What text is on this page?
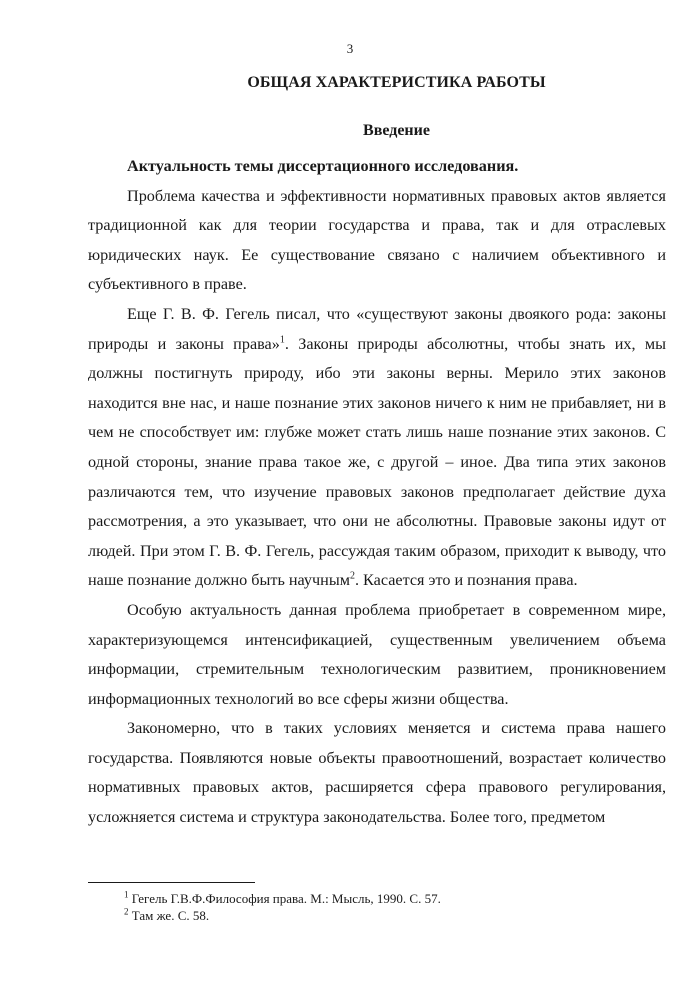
3
ОБЩАЯ ХАРАКТЕРИСТИКА РАБОТЫ
Введение

Актуальность темы диссертационного исследования.

Проблема качества и эффективности нормативных правовых актов является традиционной как для теории государства и права, так и для отраслевых юридических наук. Ее существование связано с наличием объективного и субъективного в праве.

Еще Г. В. Ф. Гегель писал, что «существуют законы двоякого рода: законы природы и законы права»$^1$. Законы природы абсолютны, чтобы знать их, мы должны постигнуть природу, ибо эти законы верны. Мерило этих законов находится вне нас, и наше познание этих законов ничего к ним не прибавляет, ни в чем не способствует им: глубже может стать лишь наше познание этих законов. С одной стороны, знание права такое же, с другой – иное. Два типа этих законов различаются тем, что изучение правовых законов предполагает действие духа рассмотрения, а это указывает, что они не абсолютны. Правовые законы идут от людей. При этом Г. В. Ф. Гегель, рассуждая таким образом, приходит к выводу, что наше познание должно быть научным$^2$. Касается это и познания права.

Особую актуальность данная проблема приобретает в современном мире, характеризующемся интенсификацией, существенным увеличением объема информации, стремительным технологическим развитием, проникновением информационных технологий во все сферы жизни общества.

Закономерно, что в таких условиях меняется и система права нашего государства. Появляются новые объекты правоотношений, возрастает количество нормативных правовых актов, расширяется сфера правового регулирования, усложняется система и структура законодательства. Более того, предметом

$^1$ Гегель Г.В.Ф.Философия права. М.: Мысль, 1990. С. 57.

$^2$ Там же. С. 58.
